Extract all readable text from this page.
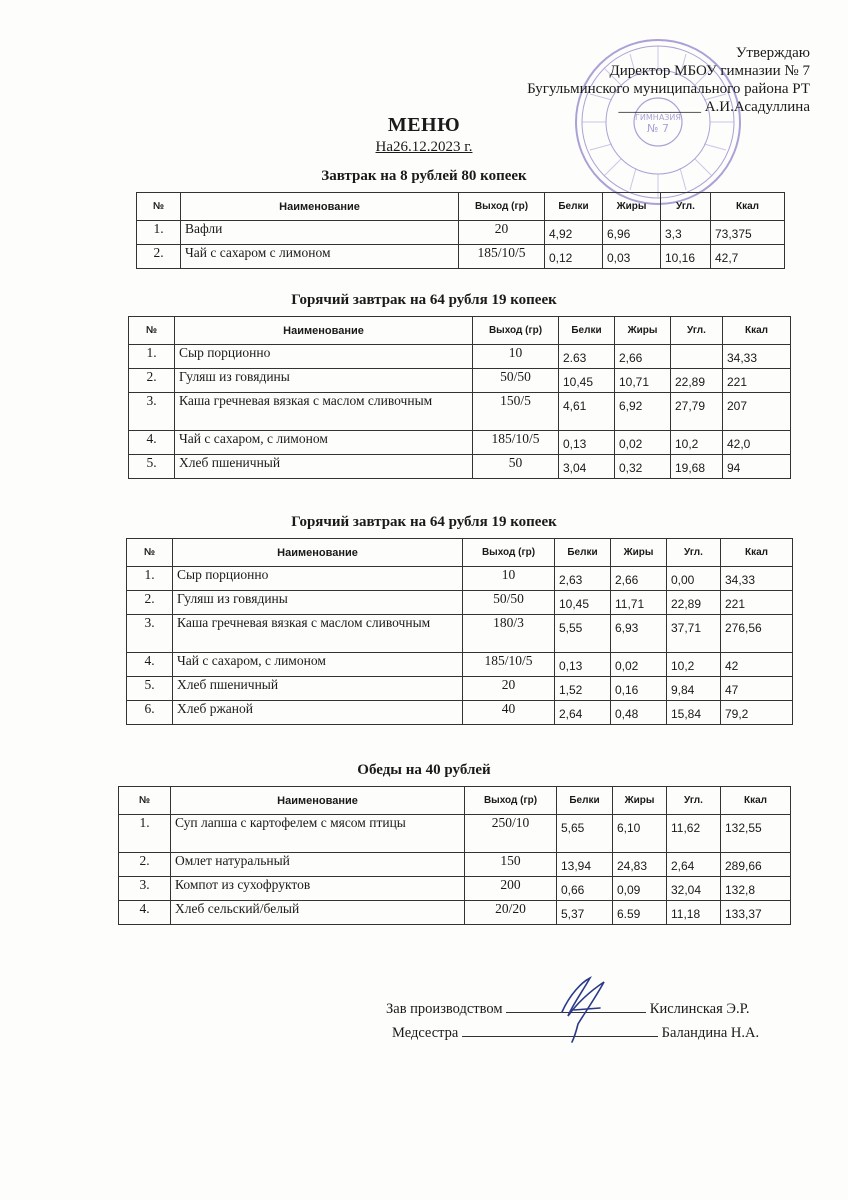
ГИМНАЗИЯ
№ 7
Утверждаю
Директор МБОУ гимназии № 7
Бугульминского муниципального района РТ
___________ А.И.Асадуллина
МЕНЮ
На26.12.2023 г.
Завтрак на 8 рублей 80 копеек
№	Наименование	Выход (гр)	Белки	Жиры	Угл.	Ккал
1.	Вафли	20	4,92	6,96	3,3	73,375
2.	Чай с сахаром с лимоном	185/10/5	0,12	0,03	10,16	42,7
Горячий завтрак на 64 рубля 19 копеек
№	Наименование	Выход (гр)	Белки	Жиры	Угл.	Ккал
1.	Сыр порционно	10	2.63	2,66		34,33
2.	Гуляш из говядины	50/50	10,45	10,71	22,89	221
3.	Каша гречневая вязкая с маслом сливочным	150/5	4,61	6,92	27,79	207
4.	Чай с сахаром, с лимоном	185/10/5	0,13	0,02	10,2	42,0
5.	Хлеб пшеничный	50	3,04	0,32	19,68	94
Горячий завтрак на 64 рубля 19 копеек
№	Наименование	Выход (гр)	Белки	Жиры	Угл.	Ккал
1.	Сыр порционно	10	2,63	2,66	0,00	34,33
2.	Гуляш из говядины	50/50	10,45	11,71	22,89	221
3.	Каша гречневая вязкая с маслом сливочным	180/3	5,55	6,93	37,71	276,56
4.	Чай с сахаром, с лимоном	185/10/5	0,13	0,02	10,2	42
5.	Хлеб пшеничный	20	1,52	0,16	9,84	47
6.	Хлеб ржаной	40	2,64	0,48	15,84	79,2
Обеды на 40 рублей
№	Наименование	Выход (гр)	Белки	Жиры	Угл.	Ккал
1.	Суп лапша с картофелем с мясом птицы	250/10	5,65	6,10	11,62	132,55
2.	Омлет натуральный	150	13,94	24,83	2,64	289,66
3.	Компот из сухофруктов	200	0,66	0,09	32,04	132,8
4.	Хлеб сельский/белый	20/20	5,37	6.59	11,18	133,37
Зав производством	Кислинская Э.Р.
Медсестра	Баландина Н.А.
